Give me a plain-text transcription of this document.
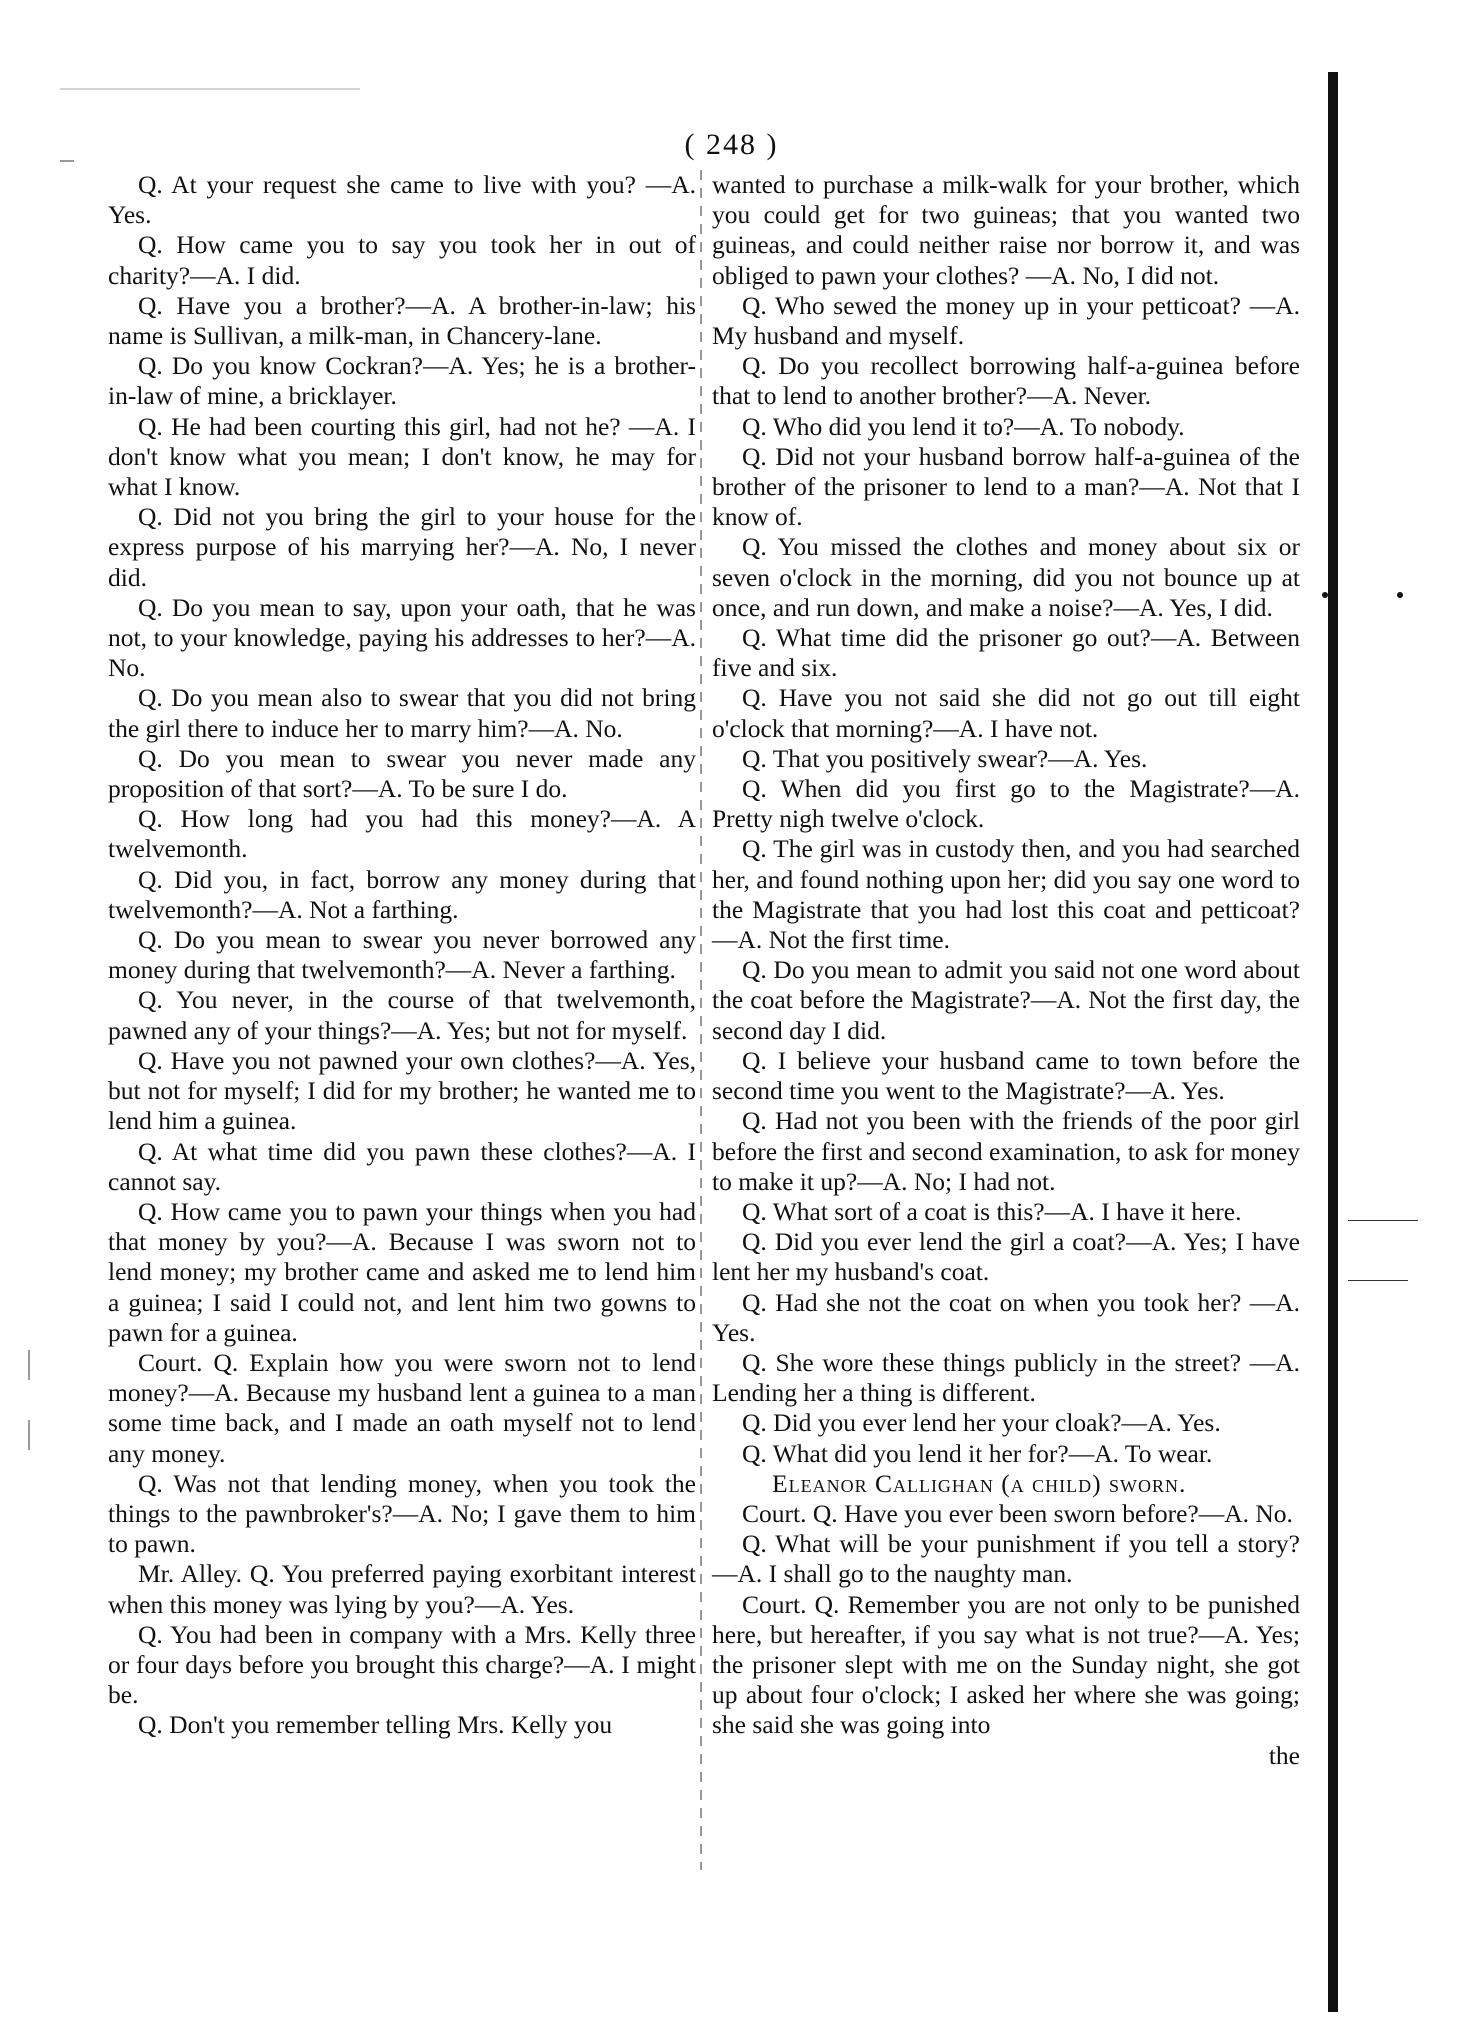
( 248 )

Q. At your request she came to live with you? —A. Yes.

Q. How came you to say you took her in out of charity?—A. I did.

Q. Have you a brother?—A. A brother-in-law; his name is Sullivan, a milk-man, in Chancery-lane.

Q. Do you know Cockran?—A. Yes; he is a brother-in-law of mine, a bricklayer.

Q. He had been courting this girl, had not he? —A. I don't know what you mean; I don't know, he may for what I know.

Q. Did not you bring the girl to your house for the express purpose of his marrying her?—A. No, I never did.

Q. Do you mean to say, upon your oath, that he was not, to your knowledge, paying his addresses to her?—A. No.

Q. Do you mean also to swear that you did not bring the girl there to induce her to marry him?—A. No.

Q. Do you mean to swear you never made any proposition of that sort?—A. To be sure I do.

Q. How long had you had this money?—A. A twelvemonth.

Q. Did you, in fact, borrow any money during that twelvemonth?—A. Not a farthing.

Q. Do you mean to swear you never borrowed any money during that twelvemonth?—A. Never a farthing.

Q. You never, in the course of that twelvemonth, pawned any of your things?—A. Yes; but not for myself.

Q. Have you not pawned your own clothes?—A. Yes, but not for myself; I did for my brother; he wanted me to lend him a guinea.

Q. At what time did you pawn these clothes?—A. I cannot say.

Q. How came you to pawn your things when you had that money by you?—A. Because I was sworn not to lend money; my brother came and asked me to lend him a guinea; I said I could not, and lent him two gowns to pawn for a guinea.

Court. Q. Explain how you were sworn not to lend money?—A. Because my husband lent a guinea to a man some time back, and I made an oath myself not to lend any money.

Q. Was not that lending money, when you took the things to the pawnbroker's?—A. No; I gave them to him to pawn.

Mr. Alley. Q. You preferred paying exorbitant interest when this money was lying by you?—A. Yes.

Q. You had been in company with a Mrs. Kelly three or four days before you brought this charge?—A. I might be.

Q. Don't you remember telling Mrs. Kelly you

wanted to purchase a milk-walk for your brother, which you could get for two guineas; that you wanted two guineas, and could neither raise nor borrow it, and was obliged to pawn your clothes? —A. No, I did not.

Q. Who sewed the money up in your petticoat? —A. My husband and myself.

Q. Do you recollect borrowing half-a-guinea before that to lend to another brother?—A. Never.

Q. Who did you lend it to?—A. To nobody.

Q. Did not your husband borrow half-a-guinea of the brother of the prisoner to lend to a man?—A. Not that I know of.

Q. You missed the clothes and money about six or seven o'clock in the morning, did you not bounce up at once, and run down, and make a noise?—A. Yes, I did.

Q. What time did the prisoner go out?—A. Between five and six.

Q. Have you not said she did not go out till eight o'clock that morning?—A. I have not.

Q. That you positively swear?—A. Yes.

Q. When did you first go to the Magistrate?—A. Pretty nigh twelve o'clock.

Q. The girl was in custody then, and you had searched her, and found nothing upon her; did you say one word to the Magistrate that you had lost this coat and petticoat?—A. Not the first time.

Q. Do you mean to admit you said not one word about the coat before the Magistrate?—A. Not the first day, the second day I did.

Q. I believe your husband came to town before the second time you went to the Magistrate?—A. Yes.

Q. Had not you been with the friends of the poor girl before the first and second examination, to ask for money to make it up?—A. No; I had not.

Q. What sort of a coat is this?—A. I have it here.

Q. Did you ever lend the girl a coat?—A. Yes; I have lent her my husband's coat.

Q. Had she not the coat on when you took her? —A. Yes.

Q. She wore these things publicly in the street? —A. Lending her a thing is different.

Q. Did you ever lend her your cloak?—A. Yes.

Q. What did you lend it her for?—A. To wear.

Eleanor Callighan (a child) sworn.

Court. Q. Have you ever been sworn before?—A. No.

Q. What will be your punishment if you tell a story?—A. I shall go to the naughty man.

Court. Q. Remember you are not only to be punished here, but hereafter, if you say what is not true?—A. Yes; the prisoner slept with me on the Sunday night, she got up about four o'clock; I asked her where she was going; she said she was going into

the
